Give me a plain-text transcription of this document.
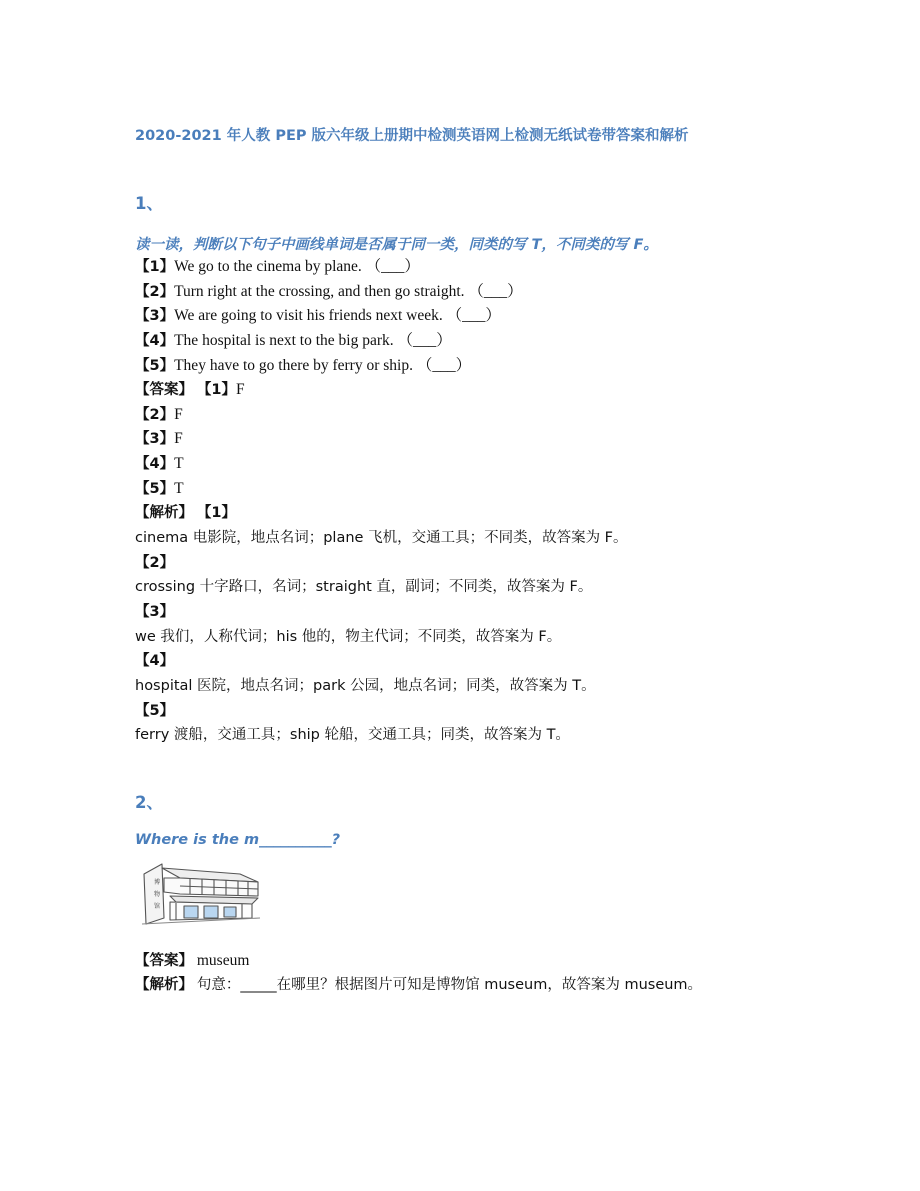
2020-2021 年人教 PEP 版六年级上册期中检测英语网上检测无纸试卷带答案和解析
1、
读一读，判断以下句子中画线单词是否属于同一类，同类的写 T，不同类的写 F。
【1】We go to the cinema by plane. （___）
【2】Turn right at the crossing, and then go straight. （___）
【3】We are going to visit his friends next week. （___）
【4】The hospital is next to the big park. （___）
【5】They have to go there by ferry or ship. （___）
【答案】 【1】F
【2】F
【3】F
【4】T
【5】T
【解析】 【1】
cinema 电影院，地点名词；plane 飞机，交通工具；不同类，故答案为 F。
【2】
crossing 十字路口，名词；straight 直，副词；不同类，故答案为 F。
【3】
we 我们，人称代词；his 他的，物主代词；不同类，故答案为 F。
【4】
hospital 医院，地点名词；park 公园，地点名词；同类，故答案为 T。
【5】
ferry 渡船，交通工具；ship 轮船，交通工具；同类，故答案为 T。
2、
Where is the m__________?
博
物
馆
【答案】 museum
【解析】 句意：_____在哪里？根据图片可知是博物馆 museum，故答案为 museum。
